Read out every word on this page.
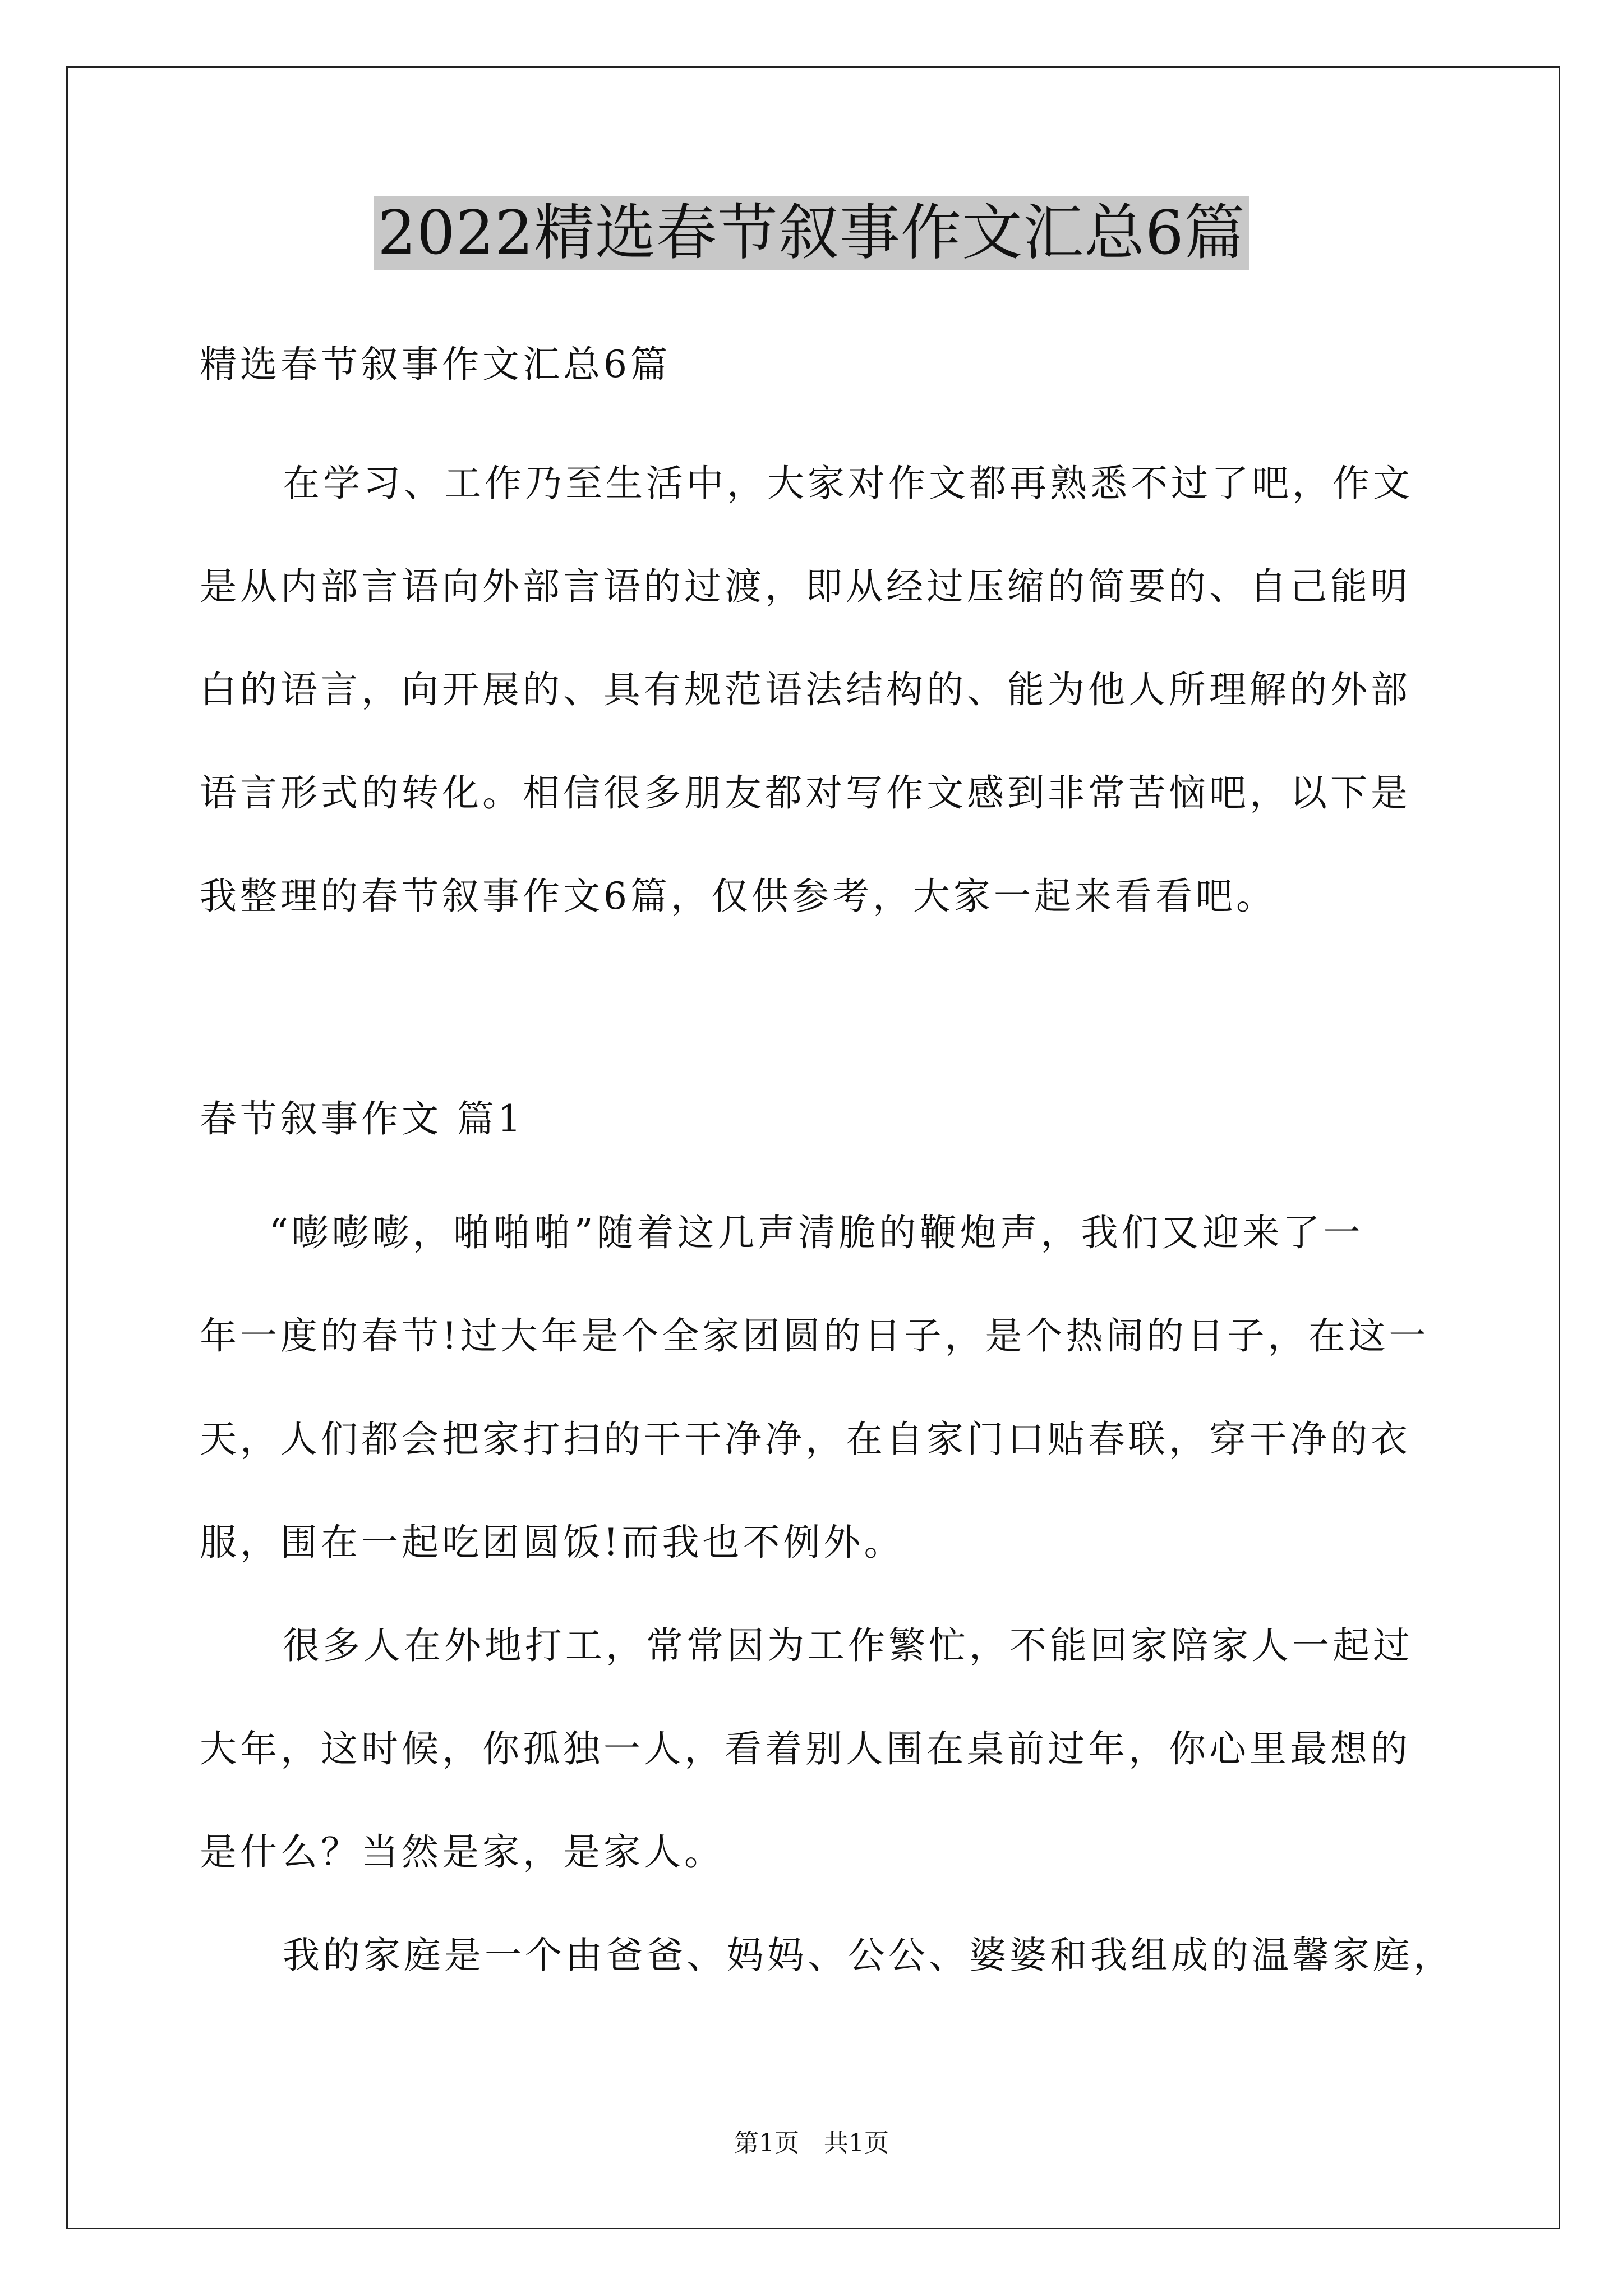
2022精选春节叙事作文汇总6篇
精选春节叙事作文汇总6篇
在学习、工作乃至生活中，大家对作文都再熟悉不过了吧，作文
是从内部言语向外部言语的过渡，即从经过压缩的简要的、自己能明
白的语言，向开展的、具有规范语法结构的、能为他人所理解的外部
语言形式的转化。相信很多朋友都对写作文感到非常苦恼吧，以下是
我整理的春节叙事作文6篇，仅供参考，大家一起来看看吧。
春节叙事作文 篇1
“嘭嘭嘭，啪啪啪”随着这几声清脆的鞭炮声，我们又迎来了一
年一度的春节!过大年是个全家团圆的日子，是个热闹的日子，在这一
天，人们都会把家打扫的干干净净，在自家门口贴春联，穿干净的衣
服，围在一起吃团圆饭!而我也不例外。
很多人在外地打工，常常因为工作繁忙，不能回家陪家人一起过
大年，这时候，你孤独一人，看着别人围在桌前过年，你心里最想的
是什么？当然是家，是家人。
我的家庭是一个由爸爸、妈妈、公公、婆婆和我组成的温馨家庭，
第1页　共1页
